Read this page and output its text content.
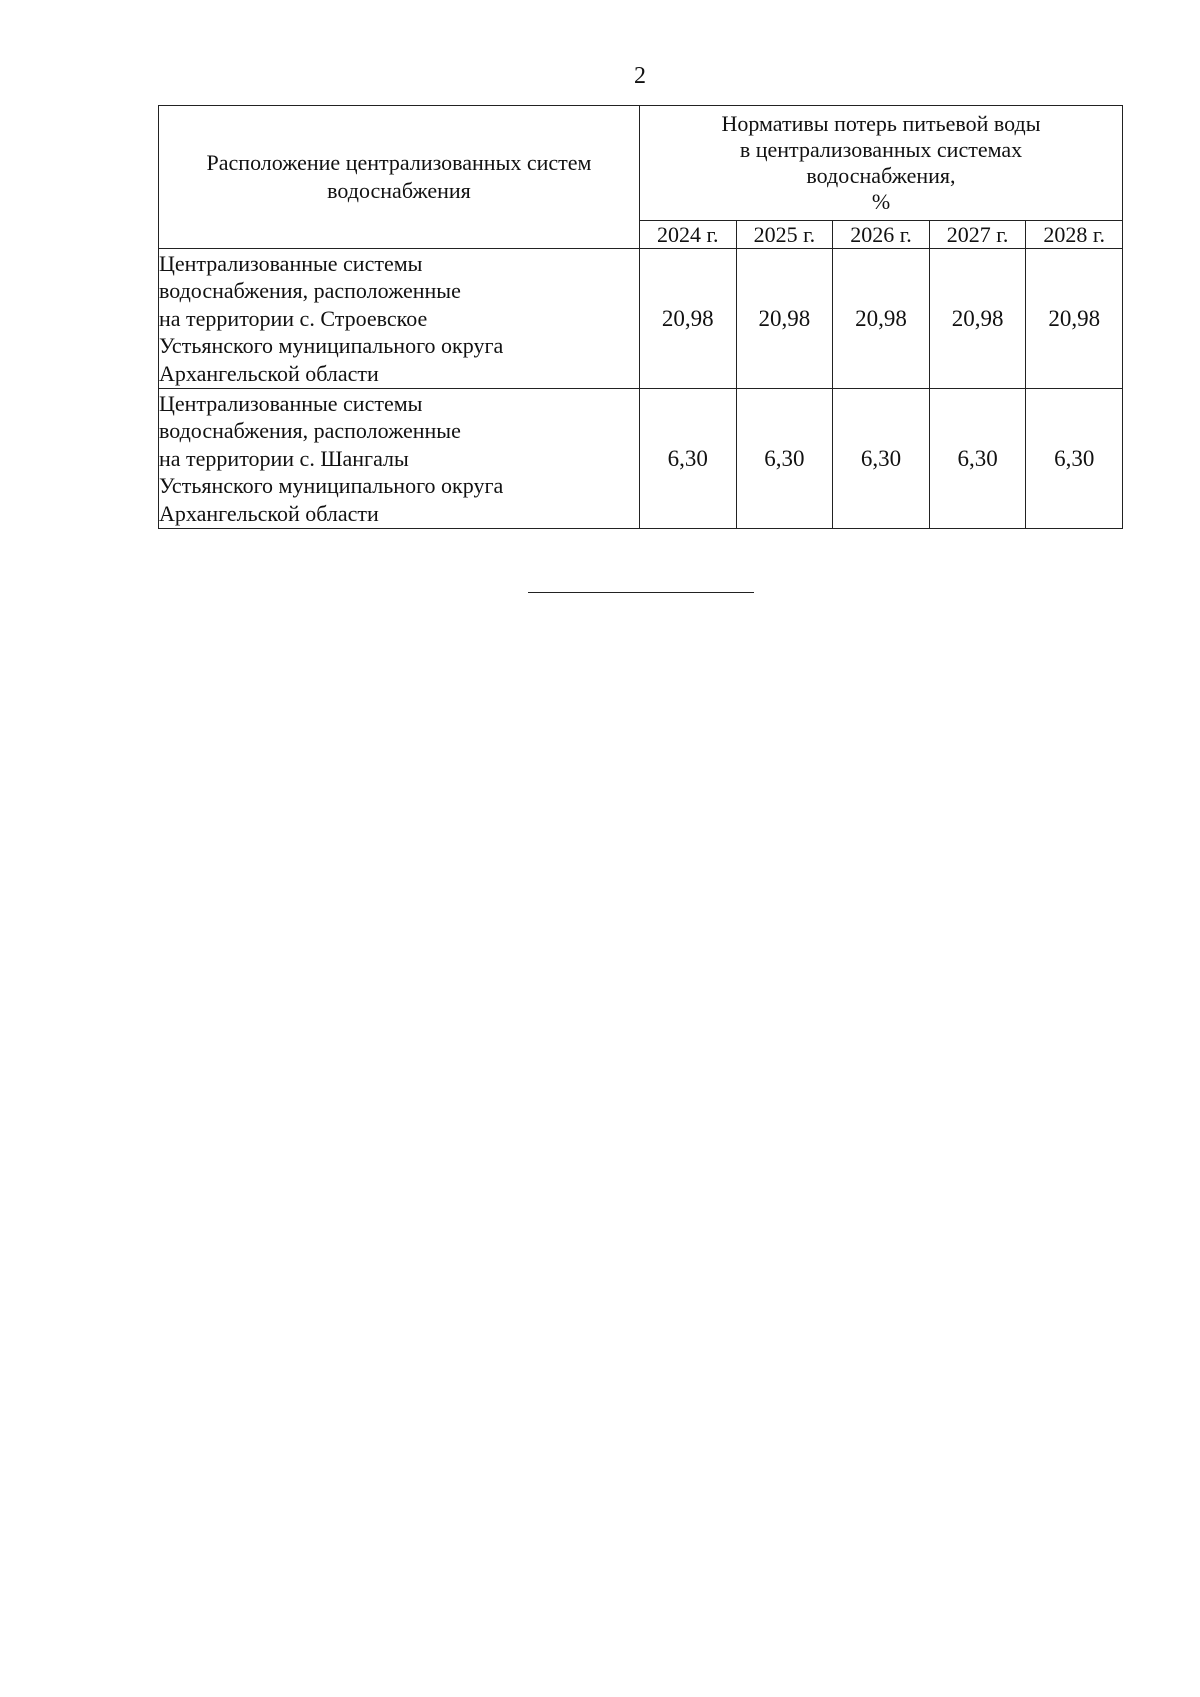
2
Расположение централизованных систем
водоснабжения	Нормативы потерь питьевой воды
в централизованных системах
водоснабжения,
%				

	2024 г.	2025 г.	2026 г.	2027 г.	2028 г.

Централизованные системы
водоснабжения, расположенные
на территории с. Строевское
Устьянского муниципального округа
Архангельской области	20,98	20,98	20,98	20,98	20,98

Централизованные системы
водоснабжения, расположенные
на территории с. Шангалы
Устьянского муниципального округа
Архангельской области	6,30	6,30	6,30	6,30	6,30
